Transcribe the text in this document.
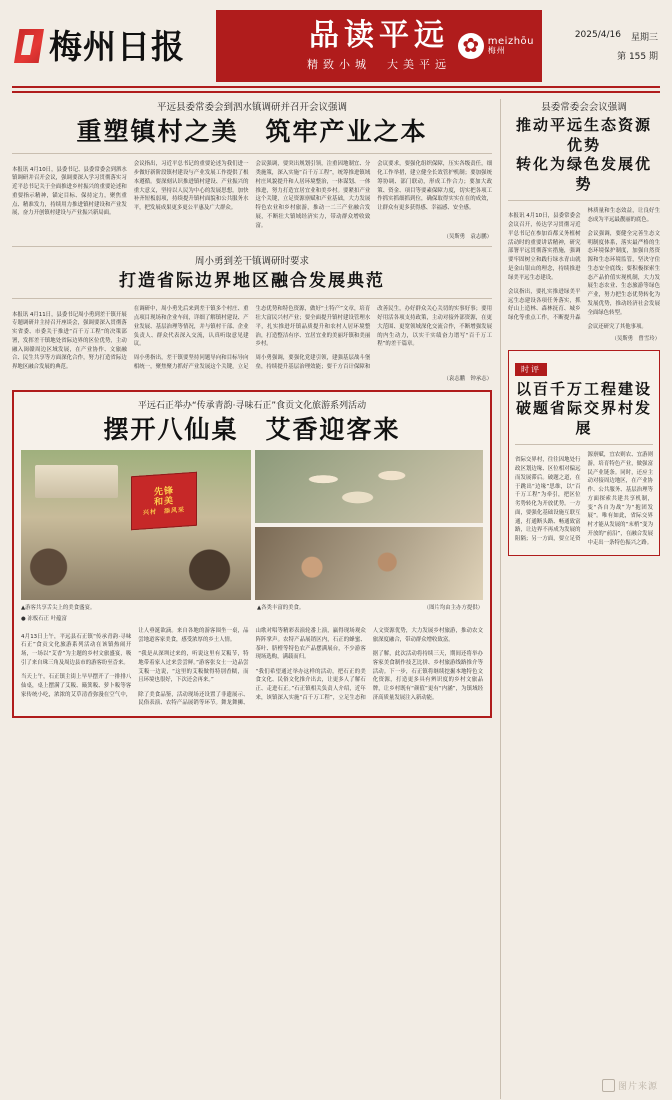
梅州日报	品读平远
精致小城　大美平远
✿
meizhōu
梅州
2025/4/16 星期三
第 155 期
平远县委常委会到泗水镇调研并召开会议强调
重塑镇村之美　筑牢产业之本

本报讯 4月10日，县委书记、县委常委会到泗水镇调研并召开会议，强调要深入学习贯彻落实习近平总书记关于全面推进乡村振兴的重要论述和重要指示精神，锚定目标、保持定力，聚焦重点、精准发力，持续用力推进镇村建设和产业发展，奋力开创镇村建设与产业振兴新局面。

会议指出，习近平总书记的重要论述为我们进一步做好新阶段镇村建设与产业发展工作提供了根本遵循。要深刻认识推进镇村建设、产业振兴的重大意义，坚持以人民为中心的发展思想，加快补齐短板弱项，持续提升镇村面貌和公共服务水平，把发展成果更多更公平惠及广大群众。

会议强调，要突出规划引领，注重因地制宜、分类施策，深入实施“百千万工程”，统筹推进镇域村庄风貌提升和人居环境整治，一体谋划、一体推进，努力打造宜居宜业和美乡村。要紧扣产业这个关键，立足资源禀赋和产业基础，大力发展特色农业和乡村旅游，推动一二三产业融合发展，不断壮大镇域经济实力，带动群众增收致富。

会议要求，要强化组织保障，压实各级责任，细化工作举措，建立健全长效管护机制；要加强统筹协调、部门联动，形成工作合力；要加大政策、资金、项目等要素保障力度，切实把各项工作抓实抓细抓到位，确保取得实实在在的成效，让群众有更多获得感、幸福感、安全感。

（吴斯勇　袁志鹏）
周小勇到差干镇调研时要求
打造省际边界地区融合发展典范

本报讯 4月11日，县委书记周小勇到差干镇开展专题调研并主持召开座谈会，强调要深入贯彻落实省委、市委关于推进“百千万工程”的决策部署，发挥差干镇地处省际边界的区位优势，主动融入闽赣周边区域发展，在产业协作、文旅融合、民生共享等方面深化合作，努力打造省际边界地区融合发展的典范。

在调研中，周小勇先后来到差干镇多个村庄、重点项目现场和企业车间，详细了解镇村建设、产业发展、基层治理等情况，并与镇村干部、企业负责人、群众代表深入交流，认真听取意见建议。

周小勇指出，差干镇要坚持问题导向和目标导向相统一，聚焦聚力抓好产业发展这个关键，立足生态优势和特色资源，做好“土特产”文章，培育壮大富民兴村产业；要全面提升镇村建设管理水平，扎实推进圩镇品质提升和农村人居环境整治，打造整洁有序、宜居宜业的美丽圩镇和美丽乡村。

周小勇强调，要强化党建引领，建强基层战斗堡垒，持续提升基层治理效能；要千方百计保障和改善民生，办好群众关心关切的实事好事；要用好用活各项支持政策，主动对接外部资源，在更大范围、更宽领域深化交流合作，不断增强发展的内生动力，以实干实绩奋力谱写“百千万工程”的差干篇章。

（袁志鹏　钟承志）
平远石正举办“传承青韵·寻味石正”食贡文化旅游系列活动
摆开八仙桌　艾香迎客来
先锋
和美
兴村　添风采
▲游客共享舌尖上的美食盛宴。	▲各类丰富的美食。	（图片均由主办方提供）
● 冻板石正 叶蕴富

4月13日上午，平远县石正镇“传承青韵·寻味石正”食贡文化旅游系列活动在该镇热闹开场，一场以“艾香”为主题的乡村文旅盛宴，吸引了来自珠三角及周边县市的游客纷至沓来。

当天上午，石正镇主街上早早摆开了一排排八仙桌，桌上摆满了艾粄、簸箕粄、萝卜粄等客家传统小吃，浓浓的艾草清香弥漫在空气中，让人垂涎欲滴。来自各地的游客围坐一桌，品尝地道客家美食，感受浓厚的乡土人情。

“我是从深圳过来的，听说这里有艾粄节，特地带着家人过来尝尝鲜。”游客张女士一边品尝艾粄一边说，“这里的艾粄做得特别香糯，而且环境也很好，下次还会再来。”

除了美食品鉴，活动现场还设置了非遗展示、民俗表演、农特产品展销等环节。舞龙舞狮、山歌对唱等精彩表演轮番上演，赢得现场观众阵阵掌声。农特产品展销区内，石正的蜂蜜、茶叶、脐橙等特色农产品摆满展台，不少游客现场选购，满载而归。

“我们希望通过举办这样的活动，把石正的美食文化、民俗文化推介出去，让更多人了解石正、走进石正。”石正镇相关负责人介绍，近年来，该镇深入实施“百千万工程”，立足生态和人文资源优势，大力发展乡村旅游，推动农文旅深度融合，带动群众增收致富。

据了解，此次活动将持续三天，期间还将举办客家美食制作技艺比拼、乡村旅游线路推介等活动。下一步，石正镇将继续挖掘本地特色文化资源，打造更多具有辨识度的乡村文旅品牌，让乡村既有“颜值”更有“内涵”，为镇域经济高质量发展注入新动能。

县委常委会会议强调
推动平远生态资源优势
转化为绿色发展优势

本报讯 4月10日，县委常委会会议召开，传达学习贯彻习近平总书记在参加首都义务植树活动时的重要讲话精神，研究部署平远贯彻落实措施，强调要牢固树立和践行绿水青山就是金山银山的理念，持续推进绿美平远生态建设。

会议指出，要扎实推进绿美平远生态建设各项任务落实，抓好山上造林、森林抚育、城乡绿化等重点工作，不断提升森林质量和生态效益，让良好生态成为平远最靓丽的底色。

会议强调，要健全完善生态文明制度体系，落实最严格的生态环境保护制度，加强自然资源和生态环境监管，坚决守住生态安全底线；要积极探索生态产品价值实现机制，大力发展生态农业、生态旅游等绿色产业，努力把生态优势转化为发展优势，推动经济社会发展全面绿色转型。

会议还研究了其他事项。

（吴斯勇　曾雪玲）
时评
以百千万工程建设
破题省际交界村发展

省际交界村，往往因地处行政区划边缘、区位相对偏远而发展滞后。破题之道，在于跳出“边缘”思维，以“百千万工程”为牵引，把区位劣势转化为开放优势。一方面，要强化基础设施互联互通，打通断头路、畅通致富路，让边界不再成为发展的阻隔；另一方面，要立足资源禀赋，宜农则农、宜游则游，培育特色产业，做强富民产业链条。同时，还应主动对接周边地区，在产业协作、公共服务、基层治理等方面探索共建共享机制，变“各自为战”为“抱团发展”。唯有如此，省际交界村才能从发展的“末梢”变为开放的“前沿”，在融合发展中走出一条特色振兴之路。

图片来源
